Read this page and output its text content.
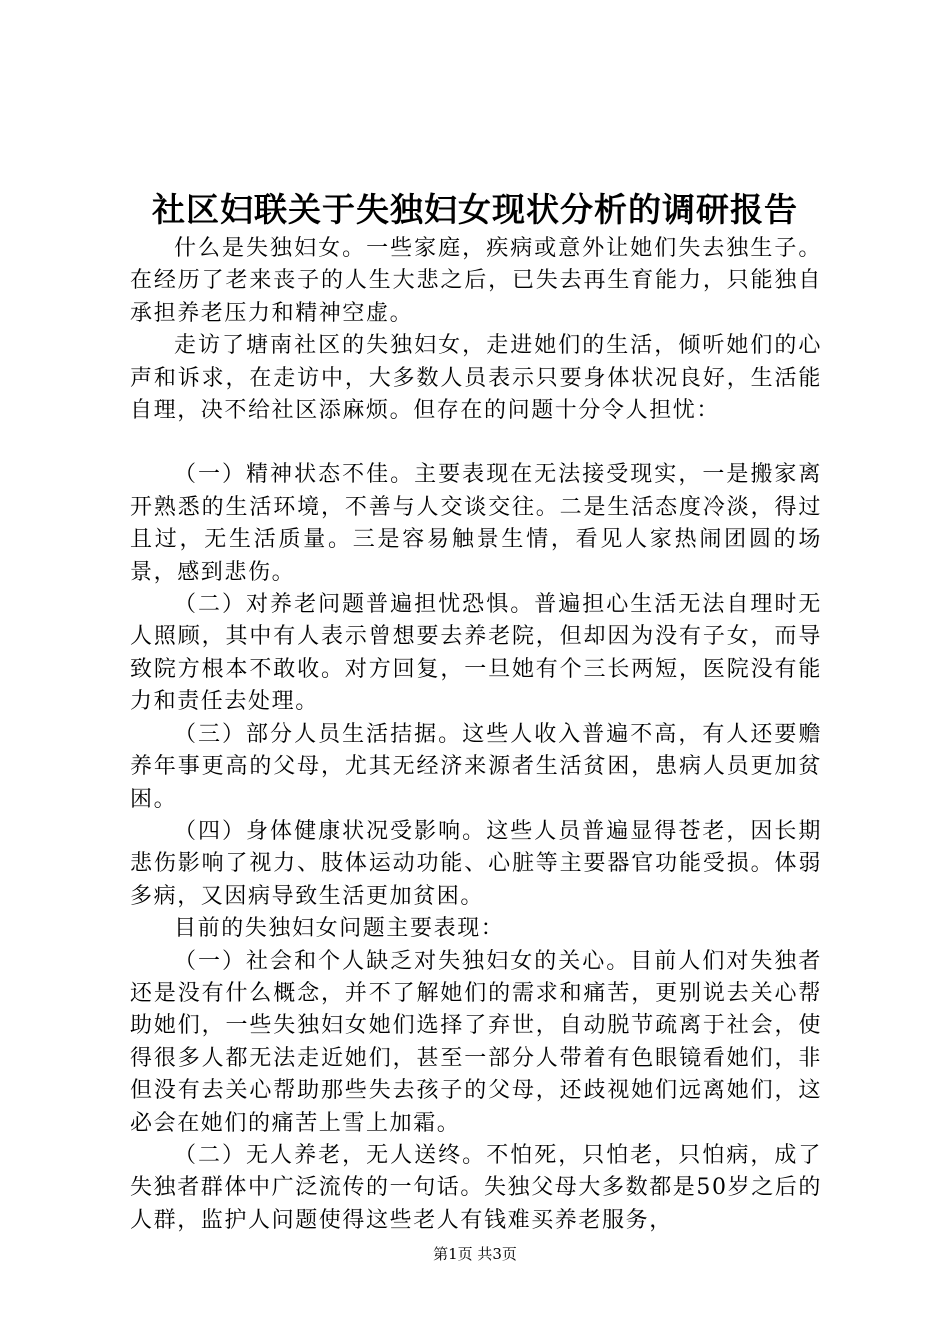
社区妇联关于失独妇女现状分析的调研报告

什么是失独妇女。一些家庭，疾病或意外让她们失去独生子。在经历了老来丧子的人生大悲之后，已失去再生育能力，只能独自承担养老压力和精神空虚。

走访了塘南社区的失独妇女，走进她们的生活，倾听她们的心声和诉求，在走访中，大多数人员表示只要身体状况良好，生活能自理，决不给社区添麻烦。但存在的问题十分令人担忧：

（一）精神状态不佳。主要表现在无法接受现实，一是搬家离开熟悉的生活环境，不善与人交谈交往。二是生活态度冷淡，得过且过，无生活质量。三是容易触景生情，看见人家热闹团圆的场景，感到悲伤。

（二）对养老问题普遍担忧恐惧。普遍担心生活无法自理时无人照顾，其中有人表示曾想要去养老院，但却因为没有子女，而导致院方根本不敢收。对方回复，一旦她有个三长两短，医院没有能力和责任去处理。

（三）部分人员生活拮据。这些人收入普遍不高，有人还要赡养年事更高的父母，尤其无经济来源者生活贫困，患病人员更加贫困。

（四）身体健康状况受影响。这些人员普遍显得苍老，因长期悲伤影响了视力、肢体运动功能、心脏等主要器官功能受损。体弱多病，又因病导致生活更加贫困。

目前的失独妇女问题主要表现：

（一）社会和个人缺乏对失独妇女的关心。目前人们对失独者还是没有什么概念，并不了解她们的需求和痛苦，更别说去关心帮助她们，一些失独妇女她们选择了弃世，自动脱节疏离于社会，使得很多人都无法走近她们，甚至一部分人带着有色眼镜看她们，非但没有去关心帮助那些失去孩子的父母，还歧视她们远离她们，这必会在她们的痛苦上雪上加霜。

（二）无人养老，无人送终。不怕死，只怕老，只怕病，成了失独者群体中广泛流传的一句话。失独父母大多数都是50岁之后的人群，监护人问题使得这些老人有钱难买养老服务，

第1页 共3页
